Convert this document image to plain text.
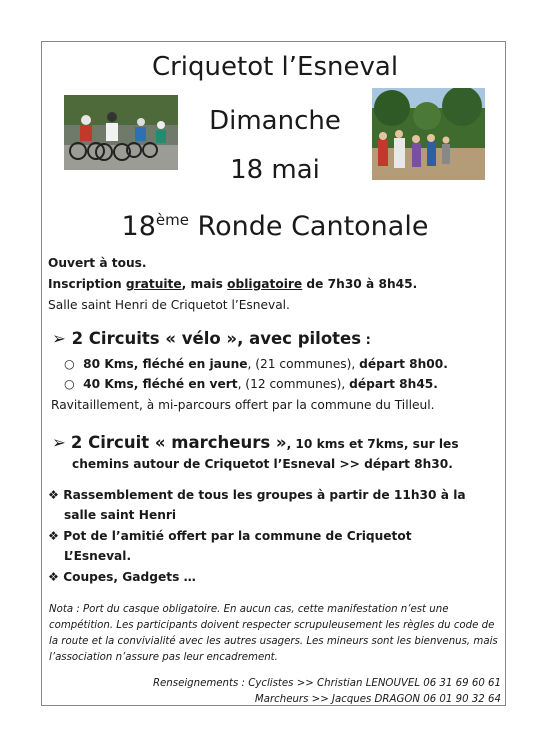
Criquetot l’Esneval
Dimanche
18 mai
18ème Ronde Cantonale
Ouvert à tous.
Inscription gratuite, mais obligatoire de 7h30 à 8h45.
Salle saint Henri de Criquetot l’Esneval.
➢ 2 Circuits « vélo », avec pilotes :
○ 80 Kms, fléché en jaune, (21 communes), départ 8h00.
○ 40 Kms, fléché en vert, (12 communes), départ 8h45.
Ravitaillement, à mi-parcours offert par la commune du Tilleul.
➢ 2 Circuit « marcheurs », 10 kms et 7kms, sur les
chemins autour de Criquetot l’Esneval >> départ 8h30.
❖ Rassemblement de tous les groupes à partir de 11h30 à la
salle saint Henri
❖ Pot de l’amitié offert par la commune de Criquetot
L’Esneval.
❖ Coupes, Gadgets …
Nota : Port du casque obligatoire. En aucun cas, cette manifestation n’est une
compétition. Les participants doivent respecter scrupuleusement les règles du code de
la route et la convivialité avec les autres usagers. Les mineurs sont les bienvenus, mais
l’association n’assure pas leur encadrement.
Renseignements : Cyclistes >> Christian LENOUVEL 06 31 69 60 61
Marcheurs >> Jacques DRAGON 06 01 90 32 64
